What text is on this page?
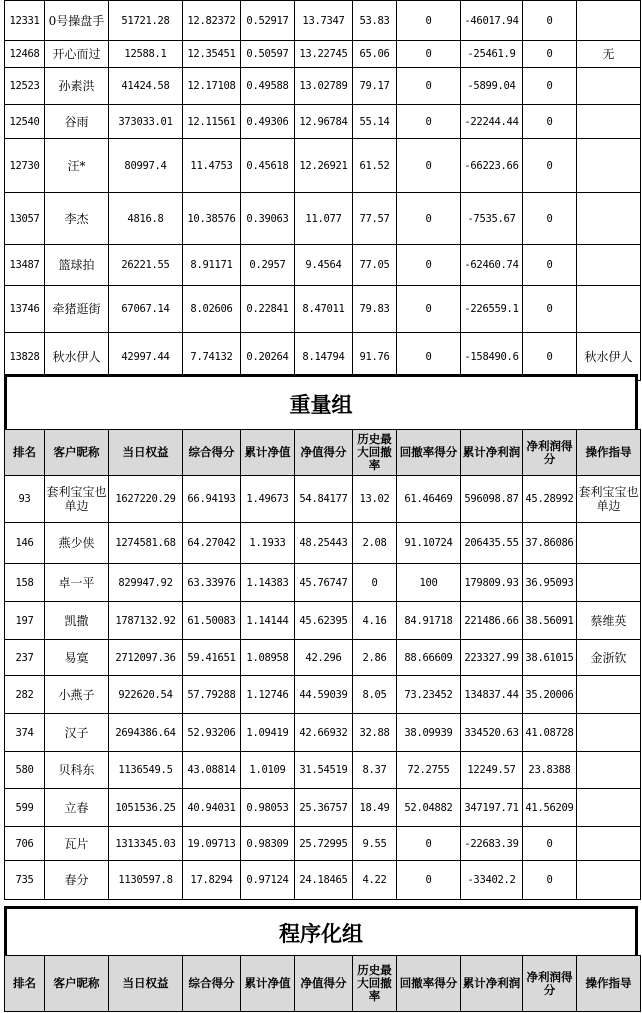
12331	0号操盘手	51721.28	12.82372	0.52917	13.7347	53.83	0	-46017.94	0	
12468	开心而过	12588.1	12.35451	0.50597	13.22745	65.06	0	-25461.9	0	无
12523	孙素洪	41424.58	12.17108	0.49588	13.02789	79.17	0	-5899.04	0	
12540	谷雨	373033.01	12.11561	0.49306	12.96784	55.14	0	-22244.44	0	
12730	汪*	80997.4	11.4753	0.45618	12.26921	61.52	0	-66223.66	0	
13057	李杰	4816.8	10.38576	0.39063	11.077	77.57	0	-7535.67	0	
13487	篮球拍	26221.55	8.91171	0.2957	9.4564	77.05	0	-62460.74	0	
13746	牵猪逛街	67067.14	8.02606	0.22841	8.47011	79.83	0	-226559.1	0	
13828	秋水伊人	42997.44	7.74132	0.20264	8.14794	91.76	0	-158490.6	0	秋水伊人
重量组
排名	客户昵称	当日权益	综合得分	累计净值	净值得分	历史最大回撤率	回撤率得分	累计净利润	净利润得分	操作指导
93	套利宝宝也单边	1627220.29	66.94193	1.49673	54.84177	13.02	61.46469	596098.87	45.28992	套利宝宝也单边
146	燕少侠	1274581.68	64.27042	1.1933	48.25443	2.08	91.10724	206435.55	37.86086	
158	卓一平	829947.92	63.33976	1.14383	45.76747	0	100	179809.93	36.95093	
197	凯撒	1787132.92	61.50083	1.14144	45.62395	4.16	84.91718	221486.66	38.56091	蔡维英
237	易寞	2712097.36	59.41651	1.08958	42.296	2.86	88.66609	223327.99	38.61015	金浙钦
282	小燕子	922620.54	57.79288	1.12746	44.59039	8.05	73.23452	134837.44	35.20006	
374	汉子	2694386.64	52.93206	1.09419	42.66932	32.88	38.09939	334520.63	41.08728	
580	贝科东	1136549.5	43.08814	1.0109	31.54519	8.37	72.2755	12249.57	23.8388	
599	立春	1051536.25	40.94031	0.98053	25.36757	18.49	52.04882	347197.71	41.56209	
706	瓦片	1313345.03	19.09713	0.98309	25.72995	9.55	0	-22683.39	0	
735	春分	1130597.8	17.8294	0.97124	24.18465	4.22	0	-33402.2	0	
程序化组
排名	客户昵称	当日权益	综合得分	累计净值	净值得分	历史最大回撤率	回撤率得分	累计净利润	净利润得分	操作指导
